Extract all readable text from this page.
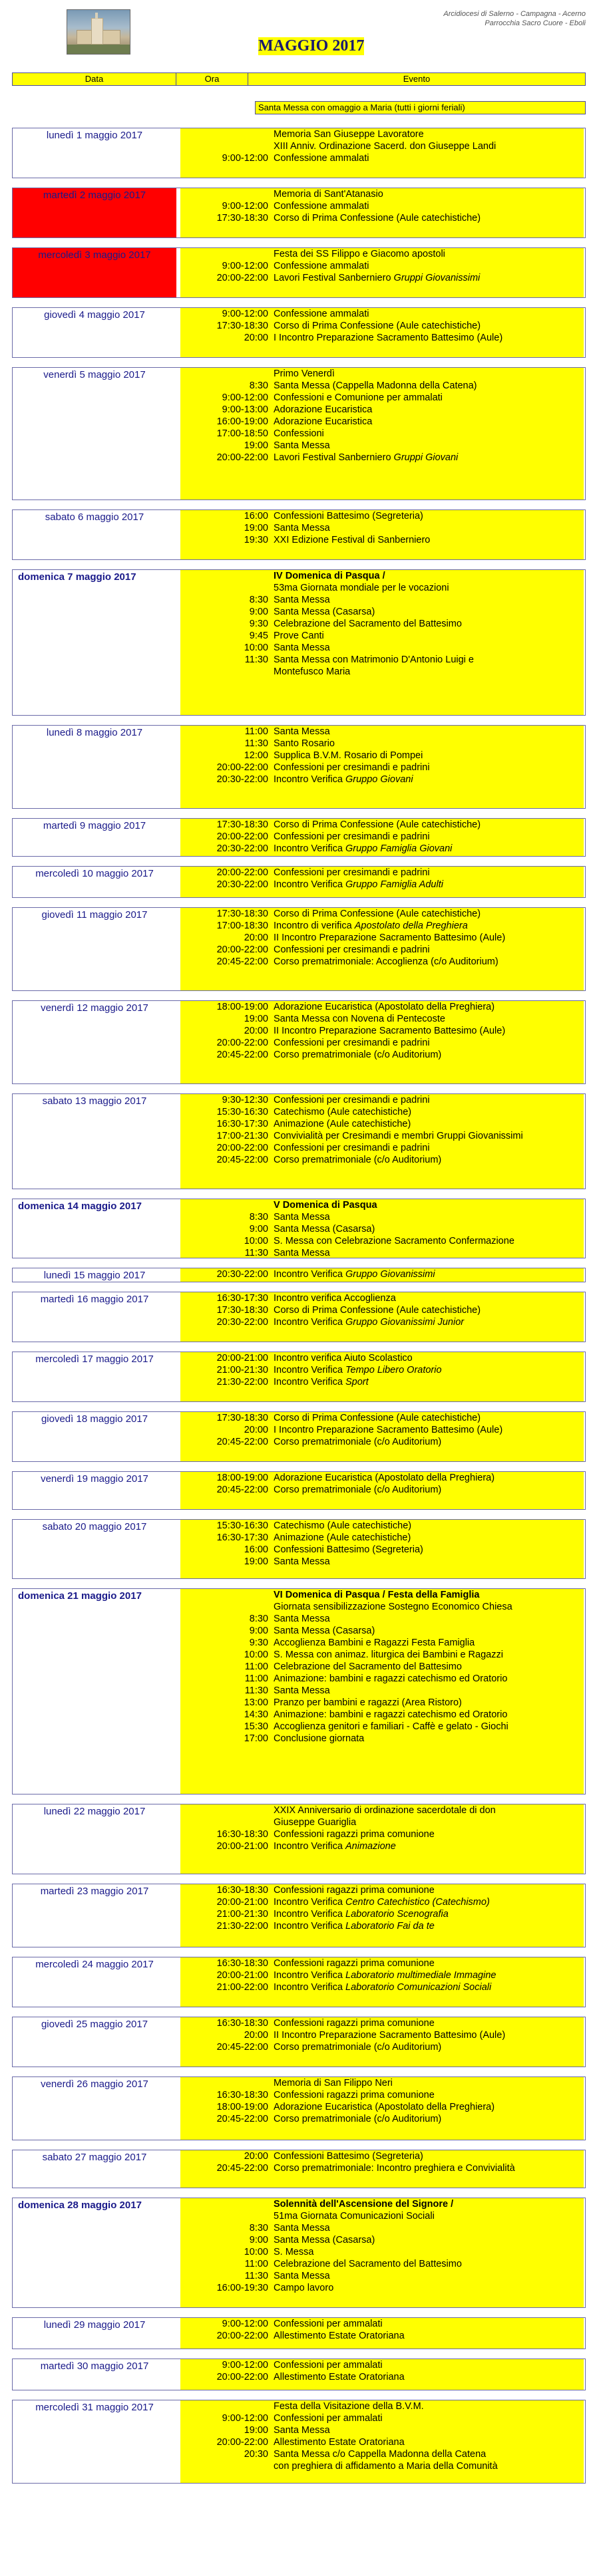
Arcidiocesi di Salerno - Campagna - Acerno
Parrocchia Sacro Cuore - Eboli
MAGGIO 2017
Data	Ora	Evento
Santa Messa con omaggio a Maria (tutti i giorni feriali)
lunedì 1 maggio 2017	Memoria San Giuseppe Lavoratore
XIII Anniv. Ordinazione Sacerd. don Giuseppe Landi
9:00-12:00 Confessione ammalati
martedì 2 maggio 2017	Memoria di Sant'Atanasio
9:00-12:00 Confessione ammalati
17:30-18:30 Corso di Prima Confessione (Aule catechistiche)
mercoledì 3 maggio 2017	Festa dei SS Filippo e Giacomo apostoli
9:00-12:00 Confessione ammalati
20:00-22:00 Lavori Festival Sanberniero Gruppi Giovanissimi
giovedì 4 maggio 2017	9:00-12:00 Confessione ammalati
17:30-18:30 Corso di Prima Confessione (Aule catechistiche)
20:00 I Incontro Preparazione Sacramento Battesimo (Aule)
venerdì 5 maggio 2017	Primo Venerdì
8:30 Santa Messa (Cappella Madonna della Catena)
9:00-12:00 Confessioni e Comunione per ammalati
9:00-13:00 Adorazione Eucaristica
16:00-19:00 Adorazione Eucaristica
17:00-18:50 Confessioni
19:00 Santa Messa
20:00-22:00 Lavori Festival Sanberniero Gruppi Giovani
sabato 6 maggio 2017	16:00 Confessioni Battesimo (Segreteria)
19:00 Santa Messa
19:30 XXI Edizione Festival di Sanberniero
domenica 7 maggio 2017	IV Domenica di Pasqua /
53ma Giornata mondiale per le vocazioni
8:30 Santa Messa
9:00 Santa Messa (Casarsa)
9:30 Celebrazione del Sacramento del Battesimo
9:45 Prove Canti
10:00 Santa Messa
11:30 Santa Messa con Matrimonio D'Antonio Luigi e
Montefusco Maria
lunedì 8 maggio 2017	11:00 Santa Messa
11:30 Santo Rosario
12:00 Supplica B.V.M. Rosario di Pompei
20:00-22:00 Confessioni per cresimandi e padrini
20:30-22:00 Incontro Verifica Gruppo Giovani
martedì 9 maggio 2017	17:30-18:30 Corso di Prima Confessione (Aule catechistiche)
20:00-22:00 Confessioni per cresimandi e padrini
20:30-22:00 Incontro Verifica Gruppo Famiglia Giovani
mercoledì 10 maggio 2017	20:00-22:00 Confessioni per cresimandi e padrini
20:30-22:00 Incontro Verifica Gruppo Famiglia Adulti
giovedì 11 maggio 2017	17:30-18:30 Corso di Prima Confessione (Aule catechistiche)
17:00-18:30 Incontro di verifica Apostolato della Preghiera
20:00 II Incontro Preparazione Sacramento Battesimo (Aule)
20:00-22:00 Confessioni per cresimandi e padrini
20:45-22:00 Corso prematrimoniale: Accoglienza (c/o Auditorium)
venerdì 12 maggio 2017	18:00-19:00 Adorazione Eucaristica (Apostolato della Preghiera)
19:00 Santa Messa con Novena di Pentecoste
20:00 II Incontro Preparazione Sacramento Battesimo (Aule)
20:00-22:00 Confessioni per cresimandi e padrini
20:45-22:00 Corso prematrimoniale (c/o Auditorium)
sabato 13 maggio 2017	9:30-12:30 Confessioni per cresimandi e padrini
15:30-16:30 Catechismo (Aule catechistiche)
16:30-17:30 Animazione (Aule catechistiche)
17:00-21:30 Convivialità per Cresimandi e membri Gruppi Giovanissimi
20:00-22:00 Confessioni per cresimandi e padrini
20:45-22:00 Corso prematrimoniale (c/o Auditorium)
domenica 14 maggio 2017	V Domenica di Pasqua
8:30 Santa Messa
9:00 Santa Messa (Casarsa)
10:00 S. Messa con Celebrazione Sacramento Confermazione
11:30 Santa Messa
lunedì 15 maggio 2017	20:30-22:00 Incontro Verifica Gruppo Giovanissimi
martedì 16 maggio 2017	16:30-17:30 Incontro verifica Accoglienza
17:30-18:30 Corso di Prima Confessione (Aule catechistiche)
20:30-22:00 Incontro Verifica Gruppo Giovanissimi Junior
mercoledì 17 maggio 2017	20:00-21:00 Incontro verifica Aiuto Scolastico
21:00-21:30 Incontro Verifica Tempo Libero Oratorio
21:30-22:00 Incontro Verifica Sport
giovedì 18 maggio 2017	17:30-18:30 Corso di Prima Confessione (Aule catechistiche)
20:00 I Incontro Preparazione Sacramento Battesimo (Aule)
20:45-22:00 Corso prematrimoniale (c/o Auditorium)
venerdì 19 maggio 2017	18:00-19:00 Adorazione Eucaristica (Apostolato della Preghiera)
20:45-22:00 Corso prematrimoniale (c/o Auditorium)
sabato 20 maggio 2017	15:30-16:30 Catechismo (Aule catechistiche)
16:30-17:30 Animazione (Aule catechistiche)
16:00 Confessioni Battesimo (Segreteria)
19:00 Santa Messa
domenica 21 maggio 2017	VI Domenica di Pasqua / Festa della Famiglia
Giornata sensibilizzazione Sostegno Economico Chiesa
8:30 Santa Messa
9:00 Santa Messa (Casarsa)
9:30 Accoglienza Bambini e Ragazzi Festa Famiglia
10:00 S. Messa con animaz. liturgica dei Bambini e Ragazzi
11:00 Celebrazione del Sacramento del Battesimo
11:00 Animazione: bambini e ragazzi catechismo ed Oratorio
11:30 Santa Messa
13:00 Pranzo per bambini e ragazzi (Area Ristoro)
14:30 Animazione: bambini e ragazzi catechismo ed Oratorio
15:30 Accoglienza genitori e familiari - Caffè e gelato - Giochi
17:00 Conclusione giornata
lunedì 22 maggio 2017	XXIX Anniversario di ordinazione sacerdotale di don
Giuseppe Guariglia
16:30-18:30 Confessioni ragazzi prima comunione
20:00-21:00 Incontro Verifica Animazione
martedì 23 maggio 2017	16:30-18:30 Confessioni ragazzi prima comunione
20:00-21:00 Incontro Verifica Centro Catechistico (Catechismo)
21:00-21:30 Incontro Verifica Laboratorio Scenografia
21:30-22:00 Incontro Verifica Laboratorio Fai da te
mercoledì 24 maggio 2017	16:30-18:30 Confessioni ragazzi prima comunione
20:00-21:00 Incontro Verifica Laboratorio multimediale Immagine
21:00-22:00 Incontro Verifica Laboratorio Comunicazioni Sociali
giovedì 25 maggio 2017	16:30-18:30 Confessioni ragazzi prima comunione
20:00 II Incontro Preparazione Sacramento Battesimo (Aule)
20:45-22:00 Corso prematrimoniale (c/o Auditorium)
venerdì 26 maggio 2017	Memoria di San Filippo Neri
16:30-18:30 Confessioni ragazzi prima comunione
18:00-19:00 Adorazione Eucaristica (Apostolato della Preghiera)
20:45-22:00 Corso prematrimoniale (c/o Auditorium)
sabato 27 maggio 2017	20:00 Confessioni Battesimo (Segreteria)
20:45-22:00 Corso prematrimoniale: Incontro preghiera e Convivialità
domenica 28 maggio 2017	Solennità dell'Ascensione del Signore /
51ma Giornata Comunicazioni Sociali
8:30 Santa Messa
9:00 Santa Messa (Casarsa)
10:00 S. Messa
11:00 Celebrazione del Sacramento del Battesimo
11:30 Santa Messa
16:00-19:30 Campo lavoro
lunedì 29 maggio 2017	9:00-12:00 Confessioni per ammalati
20:00-22:00 Allestimento Estate Oratoriana
martedì 30 maggio 2017	9:00-12:00 Confessioni per ammalati
20:00-22:00 Allestimento Estate Oratoriana
mercoledì 31 maggio 2017	Festa della Visitazione della B.V.M.
9:00-12:00 Confessioni per ammalati
19:00 Santa Messa
20:00-22:00 Allestimento Estate Oratoriana
20:30 Santa Messa c/o Cappella Madonna della Catena
con preghiera di affidamento a Maria della Comunità
